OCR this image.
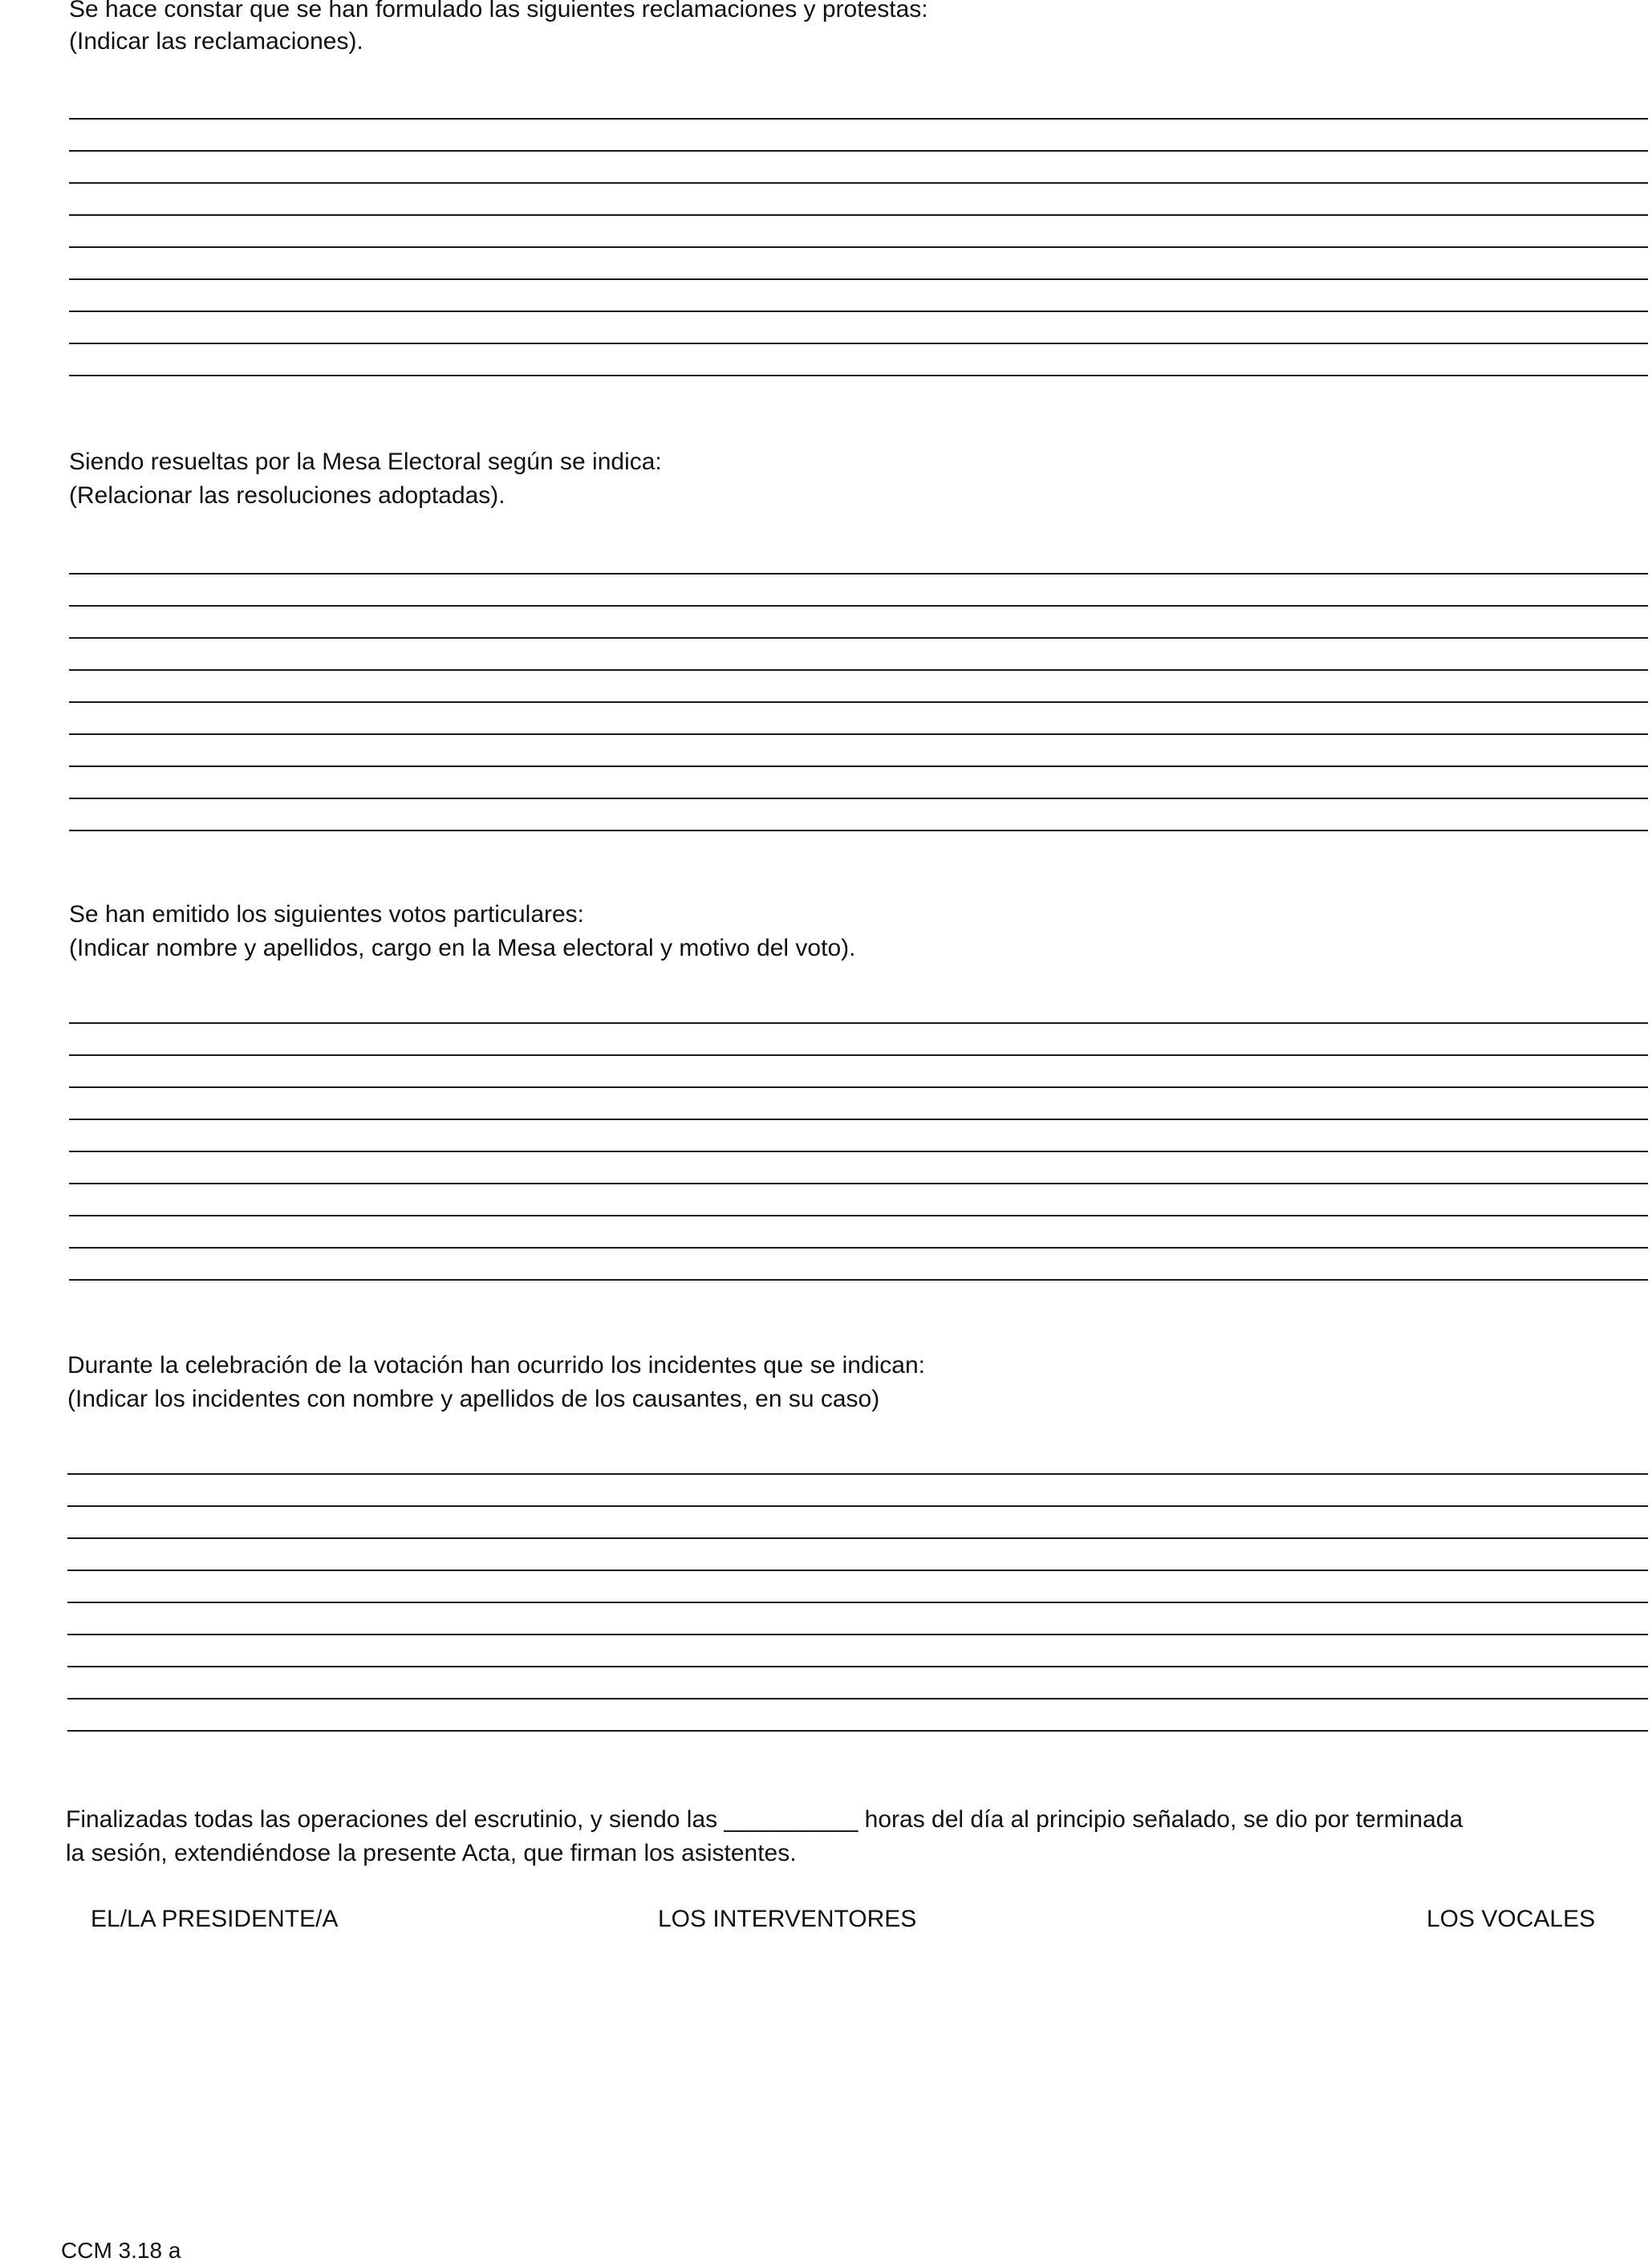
Se hace constar que se han formulado las siguientes reclamaciones y protestas:

(Indicar las reclamaciones).

Siendo resueltas por la Mesa Electoral según se indica:

(Relacionar las resoluciones adoptadas).

Se han emitido los siguientes votos particulares:

(Indicar nombre y apellidos, cargo en la Mesa electoral y motivo del voto).

Durante la celebración de la votación han ocurrido los incidentes que se indican:

(Indicar los incidentes con nombre y apellidos de los causantes, en su caso)

Finalizadas todas las operaciones del escrutinio, y siendo las __________ horas del día al principio señalado, se dio por terminada

la sesión, extendiéndose la presente Acta, que firman los asistentes.

EL/LA PRESIDENTE/A	LOS INTERVENTORES	LOS VOCALES
CCM 3.18 a
